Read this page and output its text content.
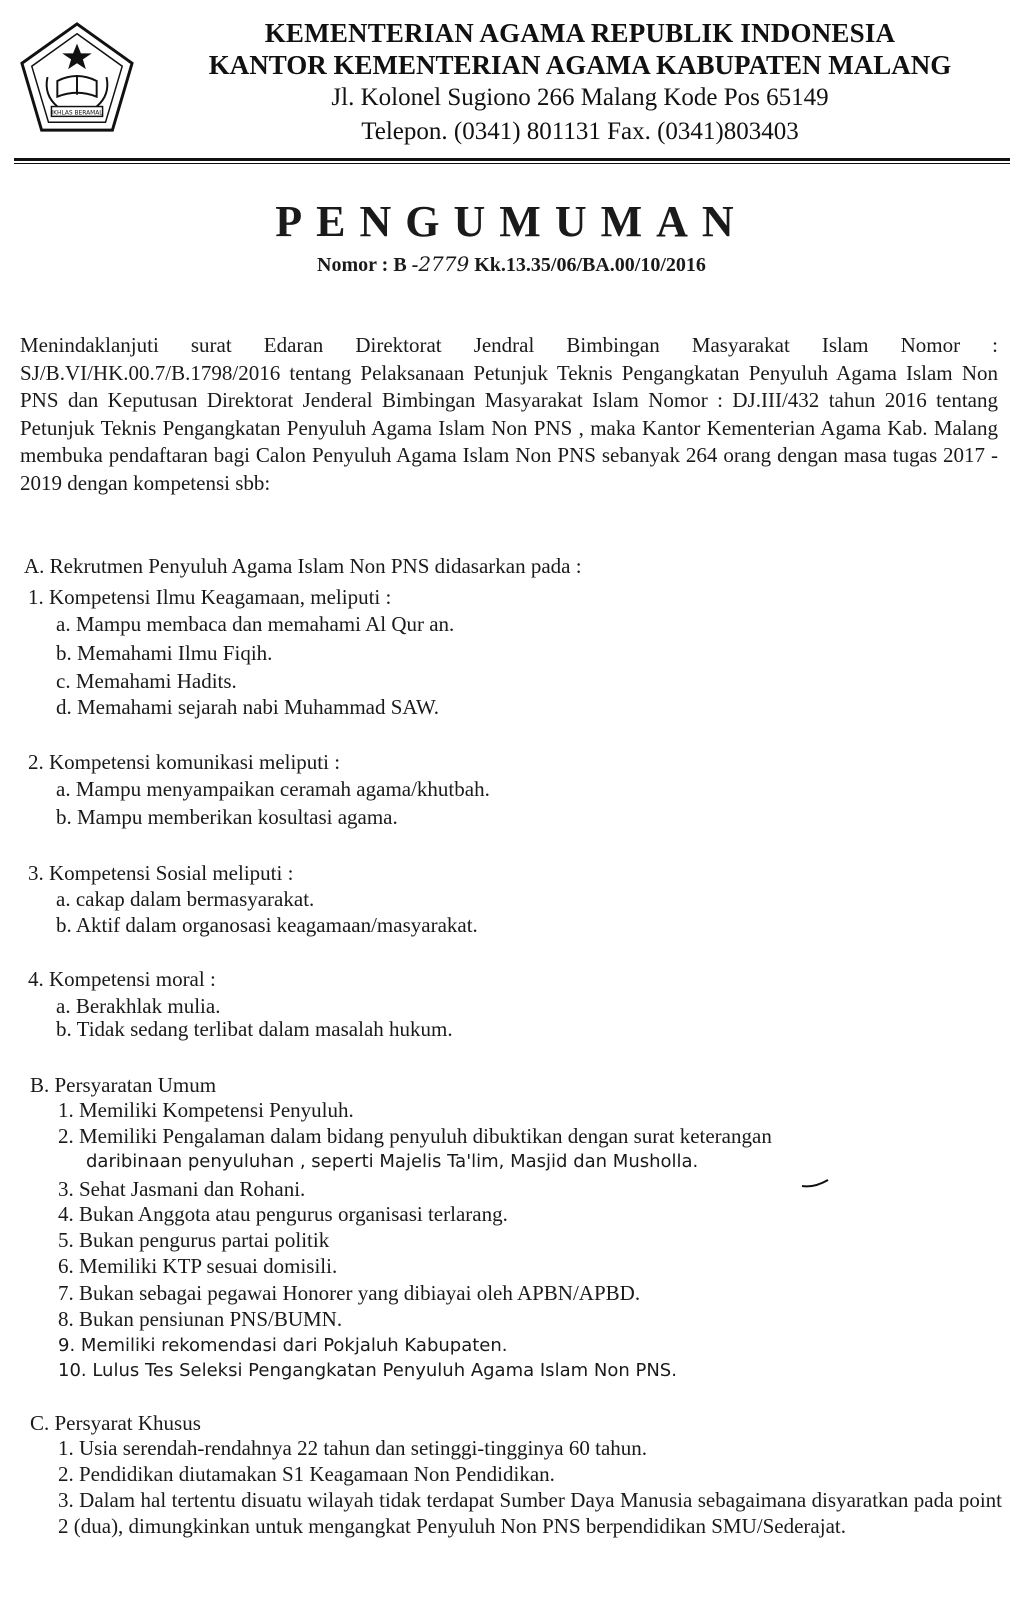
IKHLAS BERAMAL
KEMENTERIAN AGAMA REPUBLIK INDONESIA
KANTOR KEMENTERIAN AGAMA KABUPATEN MALANG
Jl. Kolonel Sugiono 266 Malang Kode Pos 65149
Telepon. (0341) 801131 Fax. (0341)803403
PENGUMUMAN
Nomor : B -2779 Kk.13.35/06/BA.00/10/2016
Menindaklanjuti surat Edaran Direktorat Jendral Bimbingan Masyarakat Islam Nomor : SJ/B.VI/HK.00.7/B.1798/2016 tentang Pelaksanaan Petunjuk Teknis Pengangkatan Penyuluh Agama Islam Non PNS dan Keputusan Direktorat Jenderal Bimbingan Masyarakat Islam Nomor : DJ.III/432 tahun 2016 tentang Petunjuk Teknis Pengangkatan Penyuluh Agama Islam Non PNS , maka Kantor Kementerian Agama Kab. Malang membuka pendaftaran bagi Calon Penyuluh Agama Islam Non PNS sebanyak 264 orang dengan masa tugas 2017 - 2019 dengan kompetensi sbb:
A. Rekrutmen Penyuluh Agama Islam Non PNS didasarkan pada :
1. Kompetensi Ilmu Keagamaan, meliputi :
a. Mampu membaca dan memahami Al Qur an.
b. Memahami Ilmu Fiqih.
c. Memahami Hadits.
d. Memahami sejarah nabi Muhammad SAW.
2. Kompetensi komunikasi meliputi :
a. Mampu menyampaikan ceramah agama/khutbah.
b. Mampu memberikan kosultasi agama.
3. Kompetensi Sosial meliputi :
a. cakap dalam bermasyarakat.
b. Aktif dalam organosasi keagamaan/masyarakat.
4. Kompetensi moral :
a. Berakhlak mulia.
b. Tidak sedang terlibat dalam masalah hukum.
B. Persyaratan Umum
1. Memiliki Kompetensi Penyuluh.
2. Memiliki Pengalaman dalam bidang penyuluh dibuktikan dengan surat keterangan
daribinaan penyuluhan , seperti Majelis Ta'lim, Masjid dan Musholla.
3. Sehat Jasmani dan Rohani.
4. Bukan Anggota atau pengurus organisasi terlarang.
5. Bukan pengurus partai politik
6. Memiliki KTP sesuai domisili.
7. Bukan sebagai pegawai Honorer yang dibiayai oleh APBN/APBD.
8. Bukan pensiunan PNS/BUMN.
9. Memiliki rekomendasi dari Pokjaluh Kabupaten.
10. Lulus Tes Seleksi Pengangkatan Penyuluh Agama Islam Non PNS.
C. Persyarat Khusus
1. Usia serendah-rendahnya 22 tahun dan setinggi-tingginya 60 tahun.
2. Pendidikan diutamakan S1 Keagamaan Non Pendidikan.
3. Dalam hal tertentu disuatu wilayah tidak terdapat Sumber Daya Manusia sebagaimana disyaratkan pada point 2 (dua), dimungkinkan untuk mengangkat Penyuluh Non PNS berpendidikan SMU/Sederajat.
